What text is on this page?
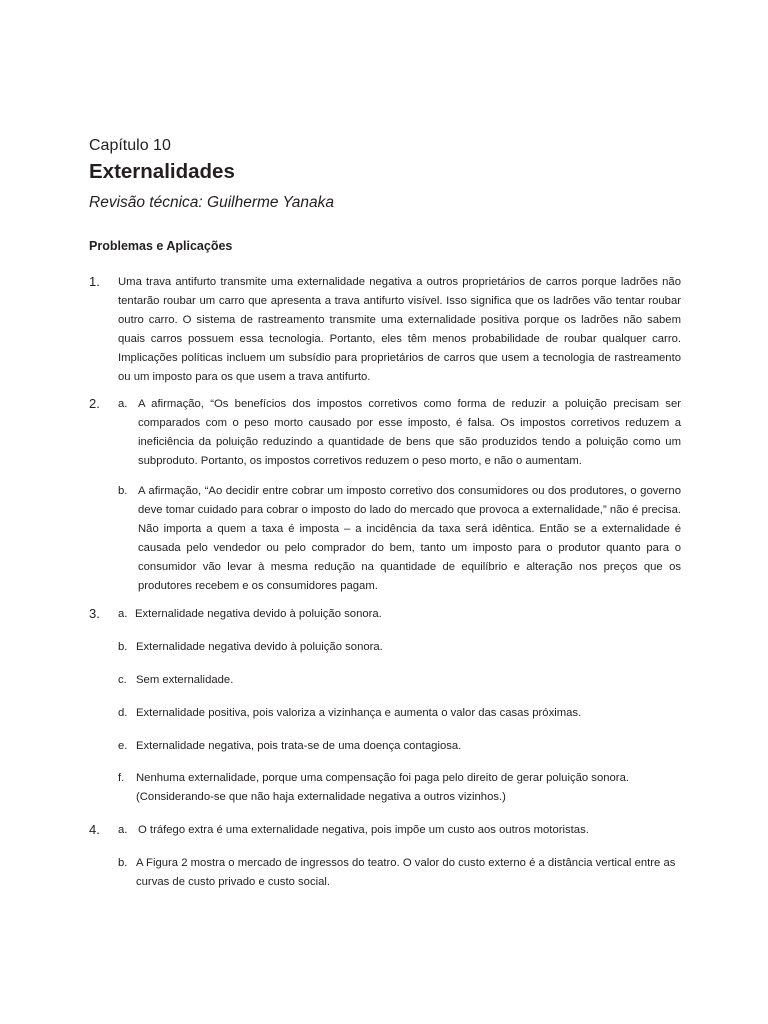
Capítulo 10
Externalidades

Revisão técnica: Guilherme Yanaka

Problemas e Aplicações
1. Uma trava antifurto transmite uma externalidade negativa a outros proprietários de carros porque ladrões não tentarão roubar um carro que apresenta a trava antifurto visível. Isso significa que os ladrões vão tentar roubar outro carro. O sistema de rastreamento transmite uma externalidade positiva porque os ladrões não sabem quais carros possuem essa tecnologia. Portanto, eles têm menos probabilidade de roubar qualquer carro. Implicações políticas incluem um subsídio para proprietários de carros que usem a tecnologia de rastreamento ou um imposto para os que usem a trava antifurto.

2. a. A afirmação, “Os benefícios dos impostos corretivos como forma de reduzir a poluição precisam ser comparados com o peso morto causado por esse imposto, é falsa. Os impostos corretivos reduzem a ineficiência da poluição reduzindo a quantidade de bens que são produzidos tendo a poluição como um subproduto. Portanto, os impostos corretivos reduzem o peso morto, e não o aumentam.

b. A afirmação, “Ao decidir entre cobrar um imposto corretivo dos consumidores ou dos produtores, o governo deve tomar cuidado para cobrar o imposto do lado do mercado que provoca a externalidade,” não é precisa. Não importa a quem a taxa é imposta – a incidência da taxa será idêntica. Então se a externalidade é causada pelo vendedor ou pelo comprador do bem, tanto um imposto para o produtor quanto para o consumidor vão levar à mesma redução na quantidade de equilíbrio e alteração nos preços que os produtores recebem e os consumidores pagam.

3. a. Externalidade negativa devido à poluição sonora.

b. Externalidade negativa devido à poluição sonora.

c. Sem externalidade.

d. Externalidade positiva, pois valoriza a vizinhança e aumenta o valor das casas próximas.

e. Externalidade negativa, pois trata-se de uma doença contagiosa.

f. Nenhuma externalidade, porque uma compensação foi paga pelo direito de gerar poluição sonora. (Considerando-se que não haja externalidade negativa a outros vizinhos.)

4. a. O tráfego extra é uma externalidade negativa, pois impõe um custo aos outros motoristas.

b. A Figura 2 mostra o mercado de ingressos do teatro. O valor do custo externo é a distância vertical entre as curvas de custo privado e custo social.
